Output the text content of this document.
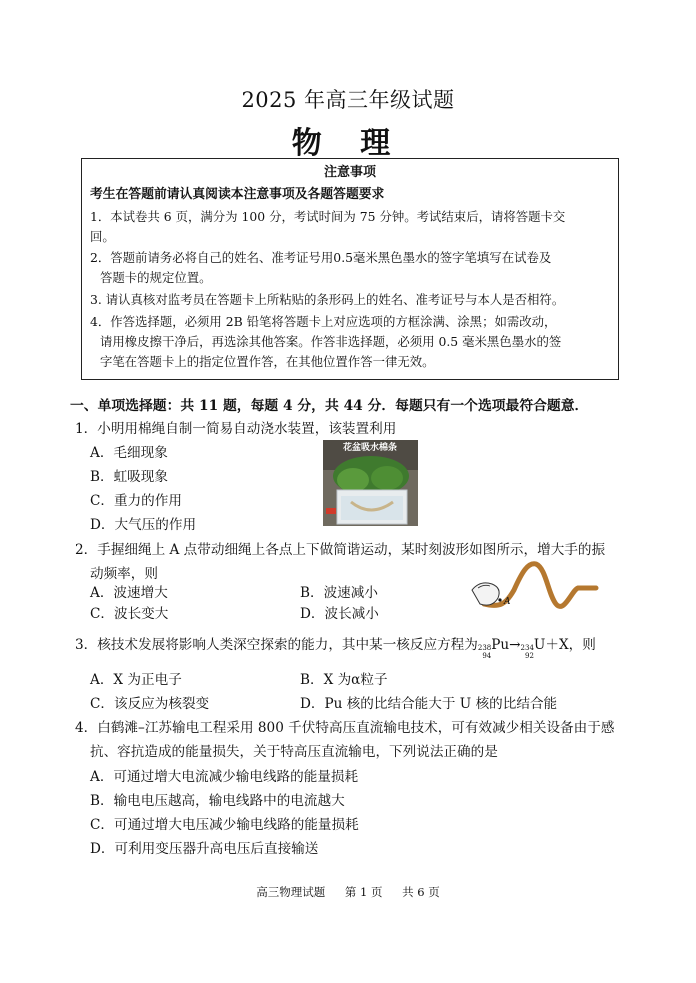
2025 年高三年级试题
物 理
注意事项
考生在答题前请认真阅读本注意事项及各题答题要求
1．本试卷共 6 页，满分为 100 分，考试时间为 75 分钟。考试结束后，请将答题卡交
回。
2．答题前请务必将自己的姓名、准考证号用0.5毫米黑色墨水的签字笔填写在试卷及
答题卡的规定位置。
3. 请认真核对监考员在答题卡上所粘贴的条形码上的姓名、准考证号与本人是否相符。
4．作答选择题，必须用 2B 铅笔将答题卡上对应选项的方框涂满、涂黑；如需改动，
请用橡皮擦干净后，再选涂其他答案。作答非选择题，必须用 0.5 毫米黑色墨水的签
字笔在答题卡上的指定位置作答，在其他位置作答一律无效。
一、单项选择题：共 11 题，每题 4 分，共 44 分．每题只有一个选项最符合题意．
1．小明用棉绳自制一简易自动浇水装置，该装置利用
A．毛细现象
B．虹吸现象
C．重力的作用
D．大气压的作用
花盆吸水棉条
2．手握细绳上 A 点带动细绳上各点上下做简谐运动，某时刻波形如图所示，增大手的振
动频率，则
A．波速增大	B．波速减小
C．波长变大	D．波长减小
A
3．核技术发展将影响人类深空探索的能力，其中某一核反应方程为 238
94
Pu→ 234
92
U＋X，则
A．X 为正电子	B．X 为α粒子
C．该反应为核裂变	D．Pu 核的比结合能大于 U 核的比结合能
4．白鹤滩–江苏输电工程采用 800 千伏特高压直流输电技术，可有效减少相关设备由于感
抗、容抗造成的能量损失，关于特高压直流输电，下列说法正确的是
A．可通过增大电流减少输电线路的能量损耗
B．输电电压越高，输电线路中的电流越大
C．可通过增大电压减少输电线路的能量损耗
D．可利用变压器升高电压后直接输送
高三物理试题 第 1 页 共 6 页
